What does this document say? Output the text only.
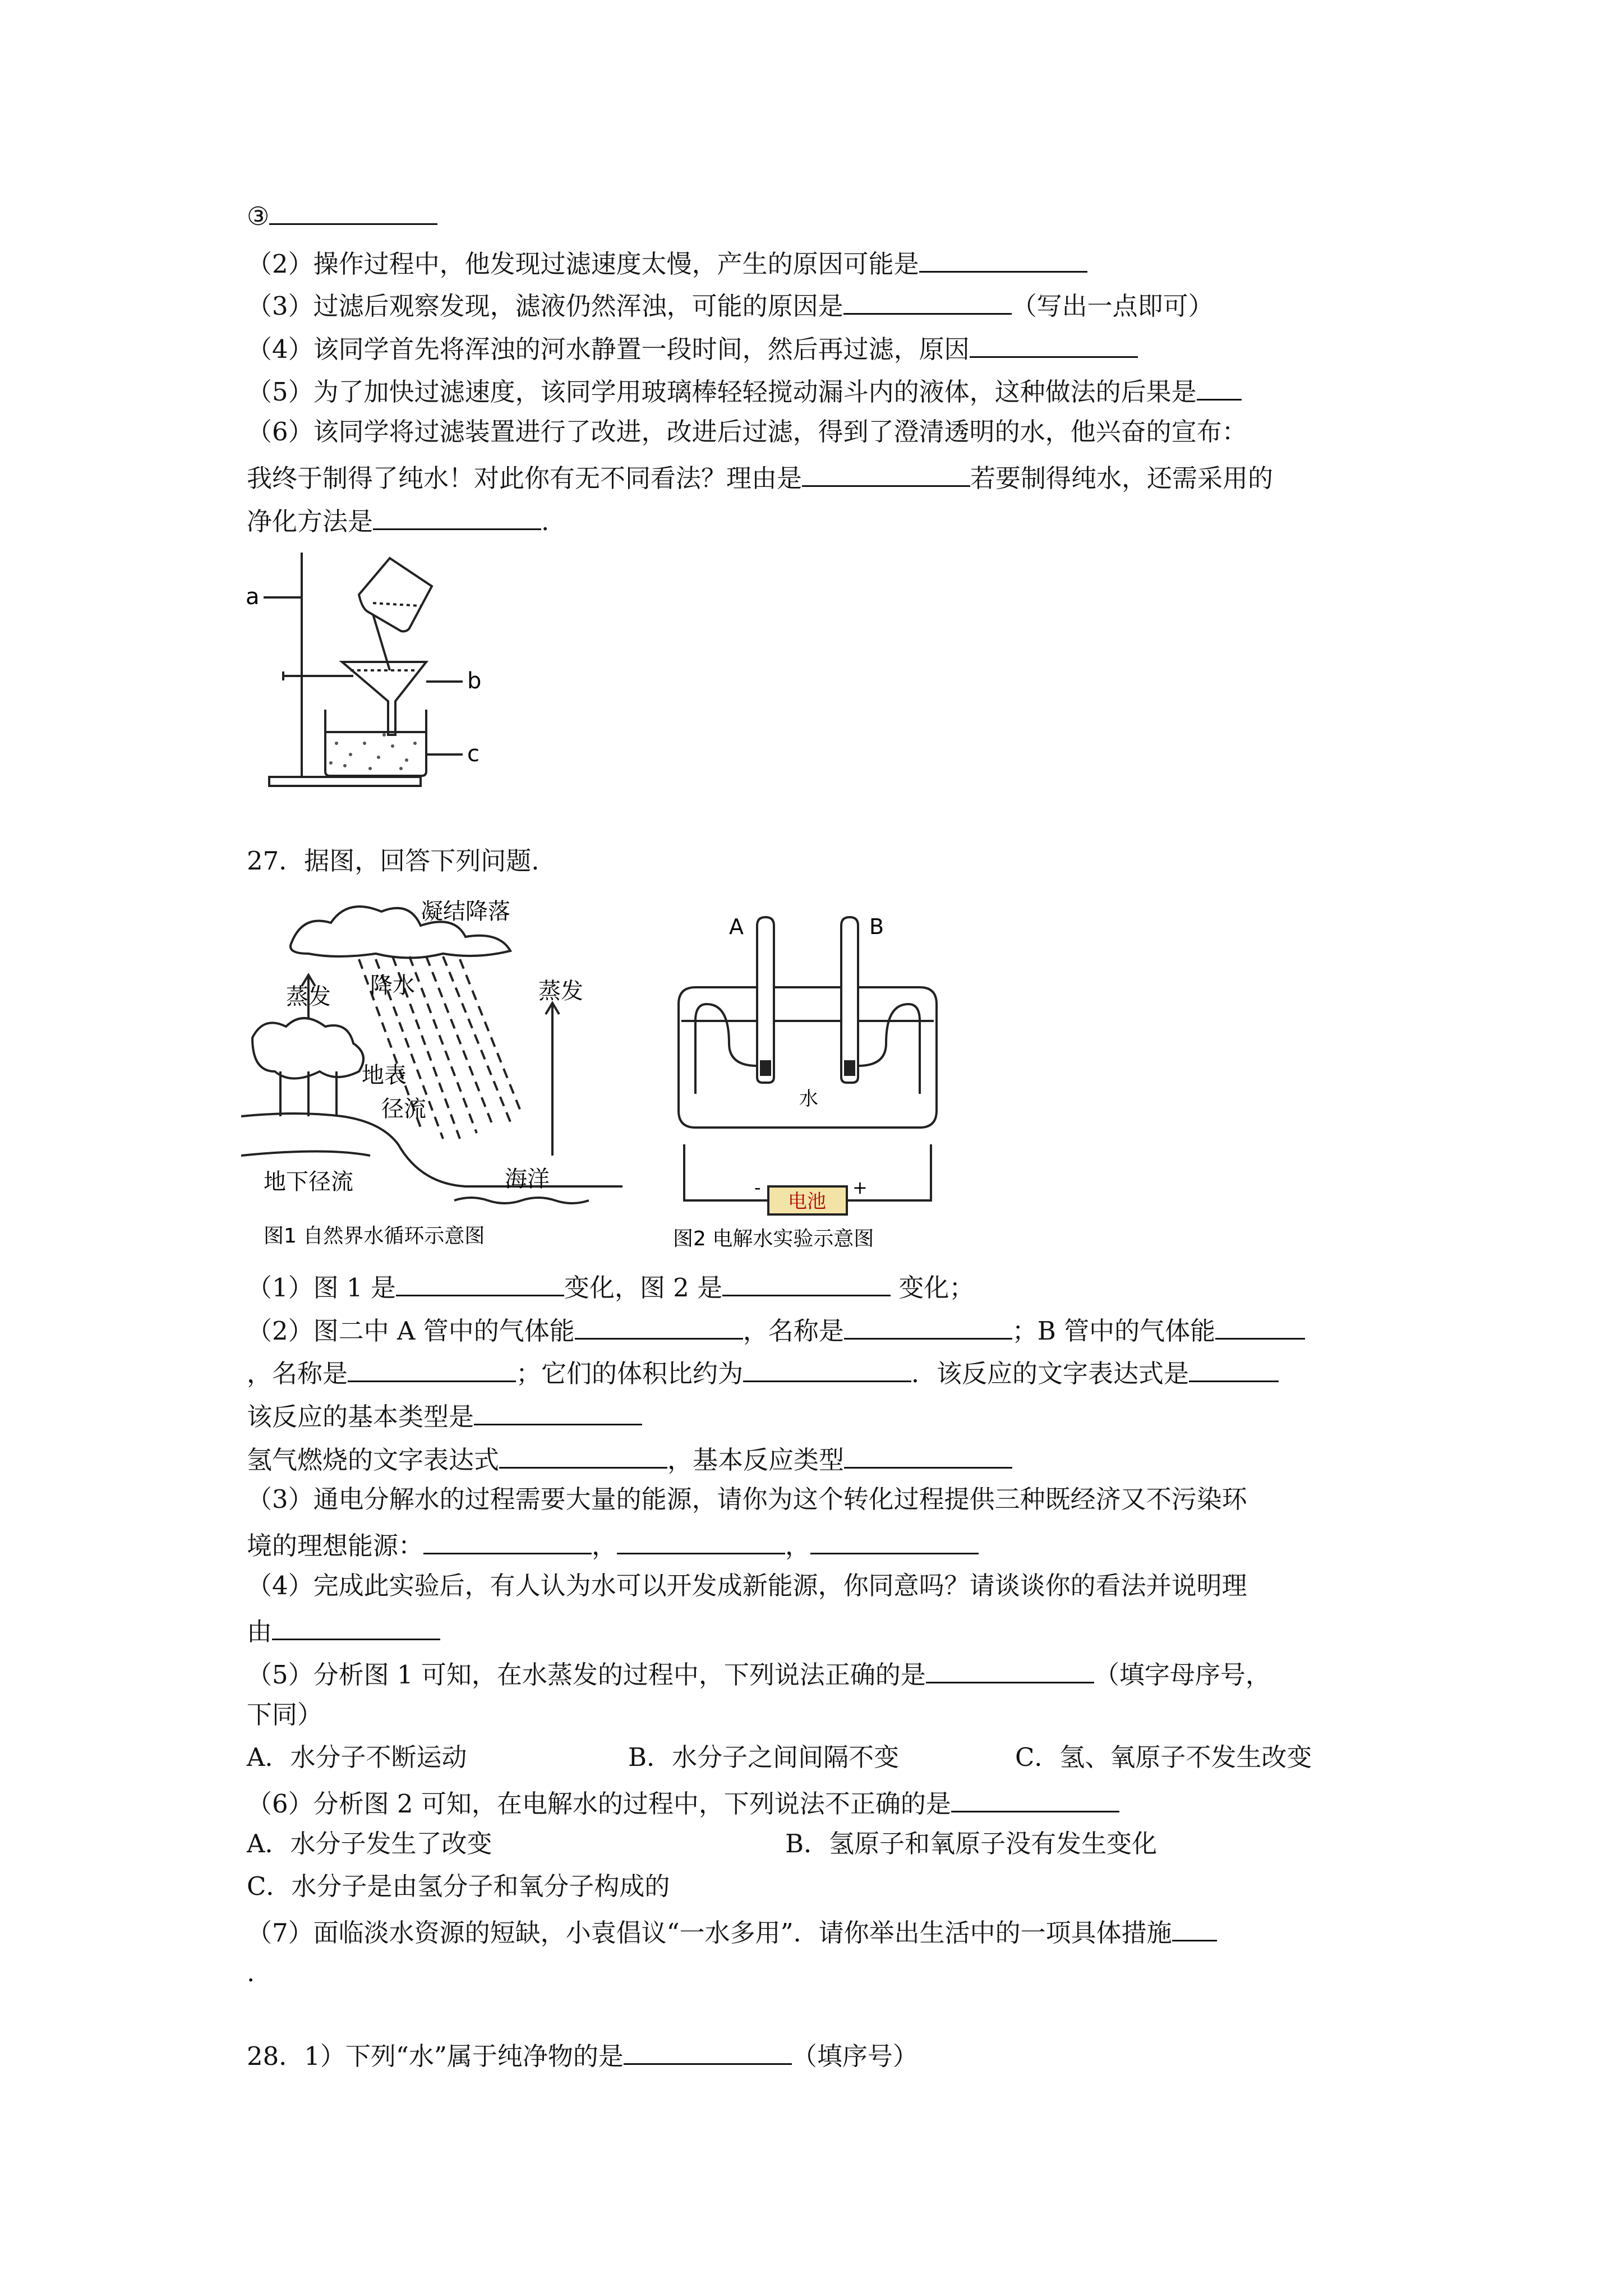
③
（2）操作过程中，他发现过滤速度太慢，产生的原因可能是
（3）过滤后观察发现，滤液仍然浑浊，可能的原因是	（写出一点即可）
（4）该同学首先将浑浊的河水静置一段时间，然后再过滤，原因
（5）为了加快过滤速度，该同学用玻璃棒轻轻搅动漏斗内的液体，这种做法的后果是
（6）该同学将过滤装置进行了改进，改进后过滤，得到了澄清透明的水，他兴奋的宣布：
我终于制得了纯水！对此你有无不同看法？理由是	若要制得纯水，还需采用的
净化方法是	.
a
b
c
27．据图，回答下列问题.
凝结降落
蒸发 降水	蒸发
地表
径流
地下径流	海洋
图1 自然界水循环示意图
A	B
水
电池
-	+
图2 电解水实验示意图
（1）图 1 是	变化，图 2 是	变化；
（2）图二中 A 管中的气体能	，名称是	；B 管中的气体能
，名称是	；它们的体积比约为	．该反应的文字表达式是
该反应的基本类型是
氢气燃烧的文字表达式	，基本反应类型
（3）通电分解水的过程需要大量的能源，请你为这个转化过程提供三种既经济又不污染环
境的理想能源：	，	，
（4）完成此实验后，有人认为水可以开发成新能源，你同意吗？请谈谈你的看法并说明理
由
（5）分析图 1 可知，在水蒸发的过程中，下列说法正确的是	（填字母序号，
下同）
A．水分子不断运动	B．水分子之间间隔不变	C．氢、氧原子不发生改变
（6）分析图 2 可知，在电解水的过程中，下列说法不正确的是
A．水分子发生了改变	B．氢原子和氧原子没有发生变化
C．水分子是由氢分子和氧分子构成的
（7）面临淡水资源的短缺，小袁倡议“一水多用”．请你举出生活中的一项具体措施
.
28．1）下列“水”属于纯净物的是	（填序号）
